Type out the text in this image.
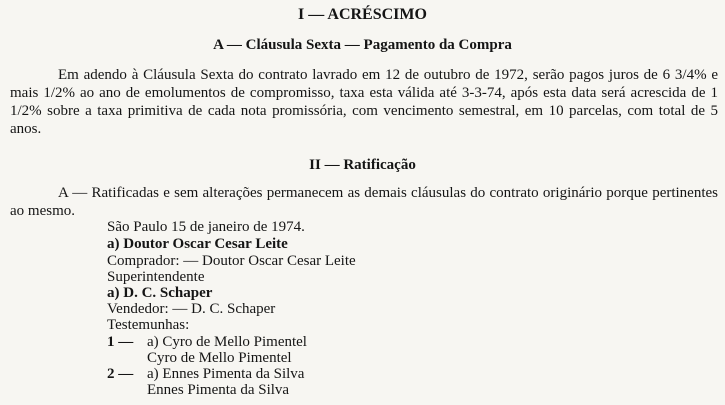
I — ACRÉSCIMO
A — Cláusula Sexta — Pagamento da Compra
Em adendo à Cláusula Sexta do contrato lavrado em 12 de outubro de 1972, serão pagos juros de 6 3/4% e mais 1/2% ao ano de emolumentos de compromisso, taxa esta válida até 3-3-74, após esta data será acrescida de 1 1/2% sobre a taxa primitiva de cada nota promissória, com vencimento semestral, em 10 parcelas, com total de 5 anos.
II — Ratificação
A — Ratificadas e sem alterações permanecem as demais cláusulas do contrato originário porque pertinentes ao mesmo.
São Paulo 15 de janeiro de 1974.
a) Doutor Oscar Cesar Leite
Comprador: — Doutor Oscar Cesar Leite
Superintendente
a) D. C. Schaper
Vendedor: — D. C. Schaper
Testemunhas:
1 — a) Cyro de Mello Pimentel
Cyro de Mello Pimentel
2 — a) Ennes Pimenta da Silva
Ennes Pimenta da Silva
